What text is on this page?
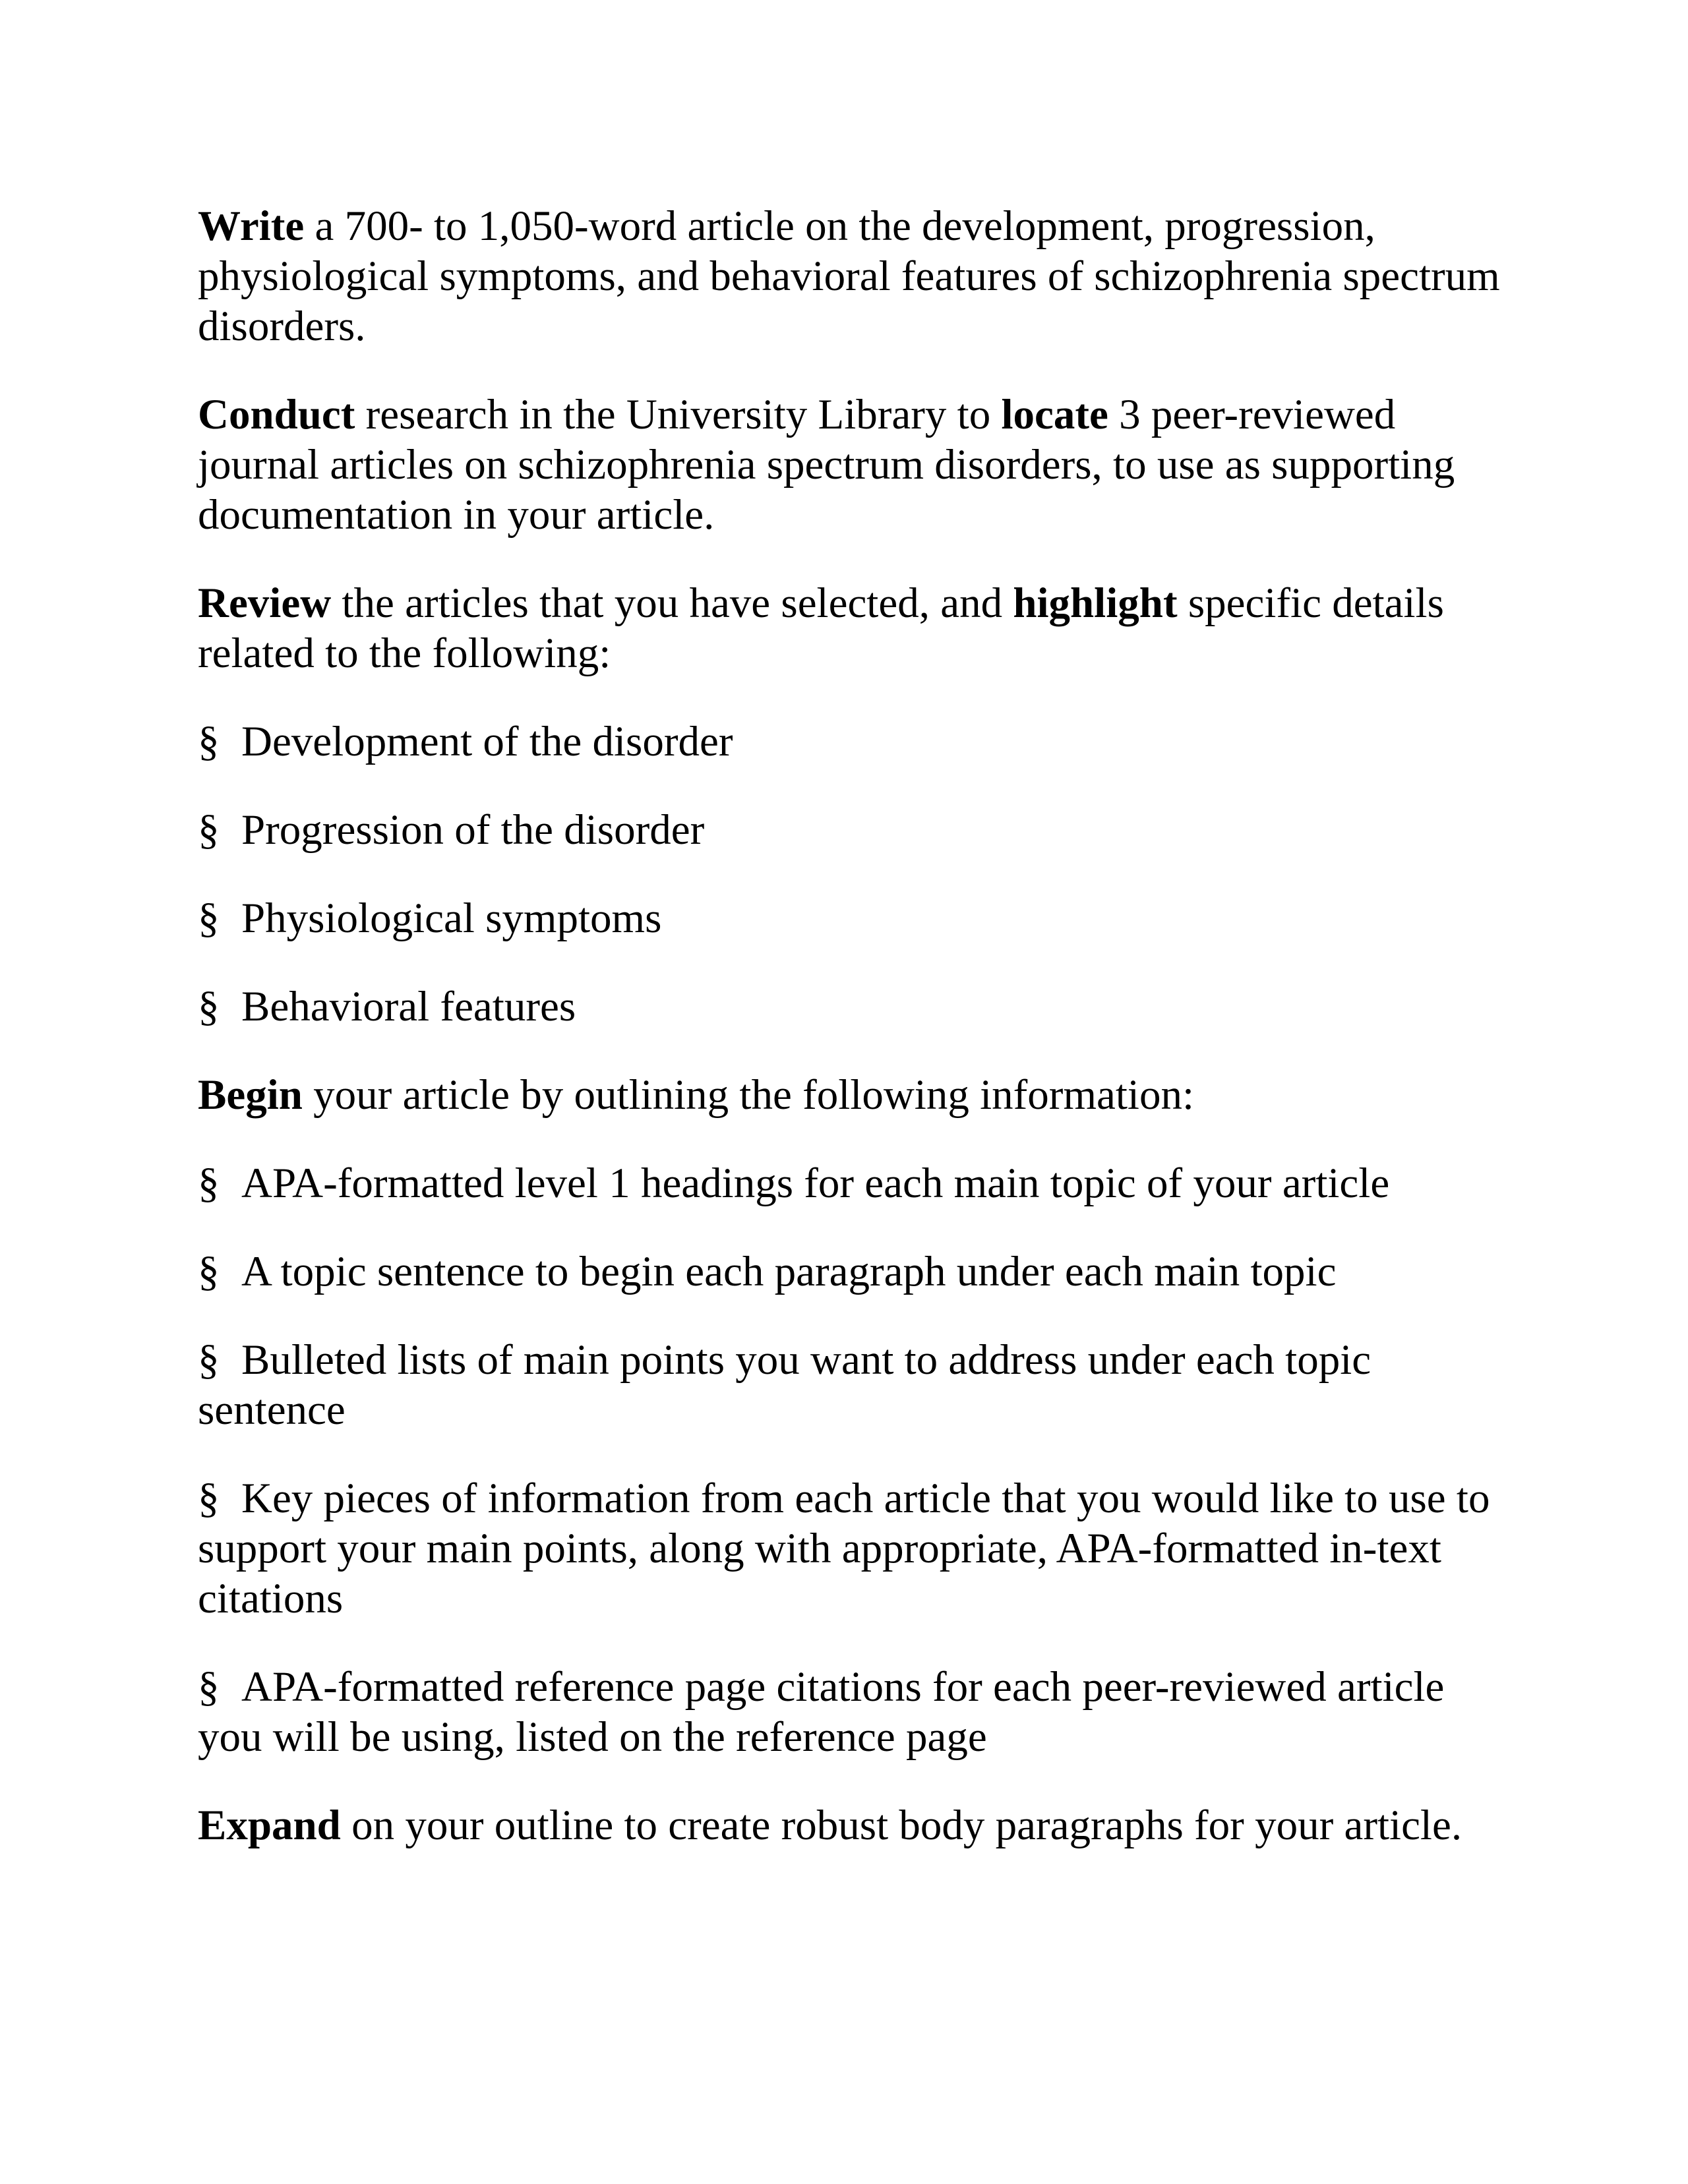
Write a 700- to 1,050-word article on the development, progression, physiological symptoms, and behavioral features of schizophrenia spectrum disorders.

Conduct research in the University Library to locate 3 peer-reviewed journal articles on schizophrenia spectrum disorders, to use as supporting documentation in your article.

Review the articles that you have selected, and highlight specific details related to the following:

§ Development of the disorder

§ Progression of the disorder

§ Physiological symptoms

§ Behavioral features

Begin your article by outlining the following information:

§ APA-formatted level 1 headings for each main topic of your article

§ A topic sentence to begin each paragraph under each main topic

§ Bulleted lists of main points you want to address under each topic sentence

§ Key pieces of information from each article that you would like to use to support your main points, along with appropriate, APA-formatted in-text citations

§ APA-formatted reference page citations for each peer-reviewed article you will be using, listed on the reference page

Expand on your outline to create robust body paragraphs for your article.
